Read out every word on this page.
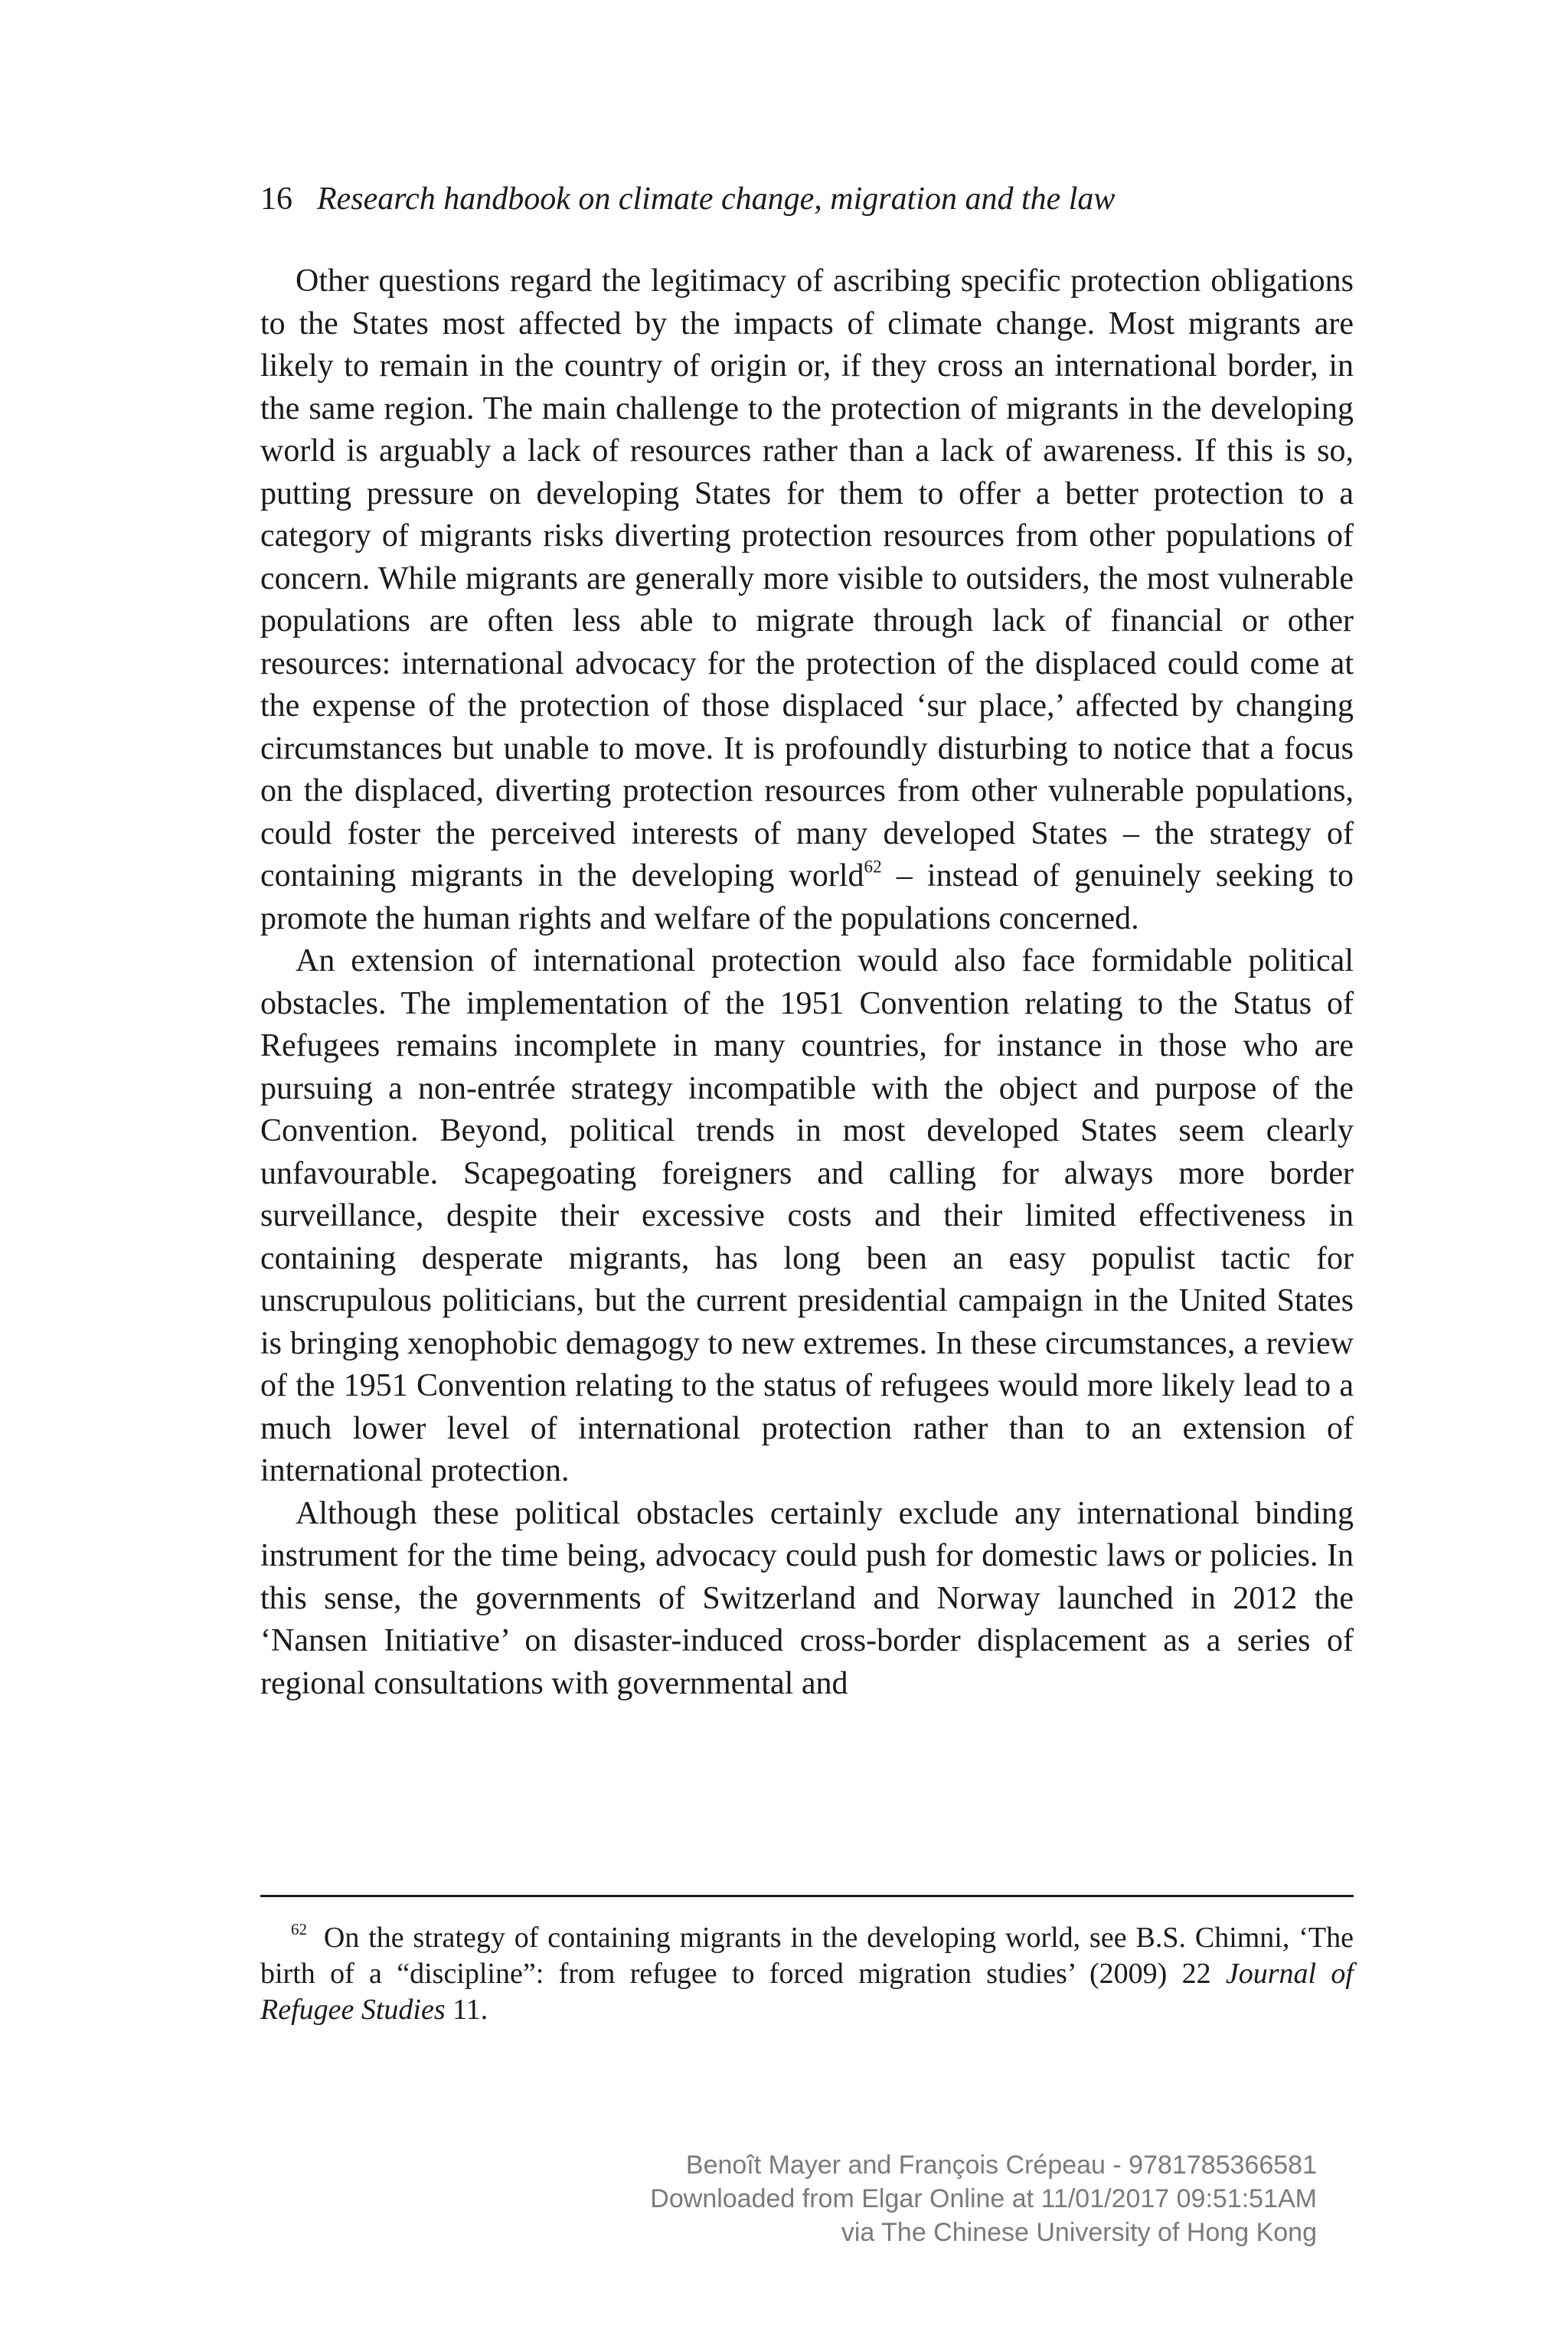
16 Research handbook on climate change, migration and the law

Other questions regard the legitimacy of ascribing specific protection obligations to the States most affected by the impacts of climate change. Most migrants are likely to remain in the country of origin or, if they cross an international border, in the same region. The main challenge to the protection of migrants in the developing world is arguably a lack of resources rather than a lack of awareness. If this is so, putting pressure on developing States for them to offer a better protection to a category of migrants risks diverting protection resources from other populations of concern. While migrants are generally more visible to outsiders, the most vulnerable populations are often less able to migrate through lack of financial or other resources: international advocacy for the protection of the displaced could come at the expense of the protection of those displaced ‘sur place,’ affected by changing circumstances but unable to move. It is profoundly disturbing to notice that a focus on the displaced, diverting protection resources from other vulnerable populations, could foster the perceived interests of many developed States – the strategy of containing migrants in the developing world$^{62}$ – instead of genuinely seeking to promote the human rights and welfare of the populations concerned.

An extension of international protection would also face formidable political obstacles. The implementation of the 1951 Convention relating to the Status of Refugees remains incomplete in many countries, for instance in those who are pursuing a non-entrée strategy incompatible with the object and purpose of the Convention. Beyond, political trends in most developed States seem clearly unfavourable. Scapegoating foreigners and calling for always more border surveillance, despite their excessive costs and their limited effectiveness in containing desperate migrants, has long been an easy populist tactic for unscrupulous politicians, but the current presidential campaign in the United States is bringing xenophobic demagogy to new extremes. In these circumstances, a review of the 1951 Convention relating to the status of refugees would more likely lead to a much lower level of international protection rather than to an extension of international protection.

Although these political obstacles certainly exclude any international binding instrument for the time being, advocacy could push for domestic laws or policies. In this sense, the governments of Switzerland and Norway launched in 2012 the ‘Nansen Initiative’ on disaster-induced cross-border displacement as a series of regional consultations with governmental and

$^{62}$ On the strategy of containing migrants in the developing world, see B.S. Chimni, ‘The birth of a “discipline”: from refugee to forced migration studies’ (2009) 22 Journal of Refugee Studies 11.

Benoît Mayer and François Crépeau - 9781785366581
Downloaded from Elgar Online at 11/01/2017 09:51:51AM
via The Chinese University of Hong Kong
